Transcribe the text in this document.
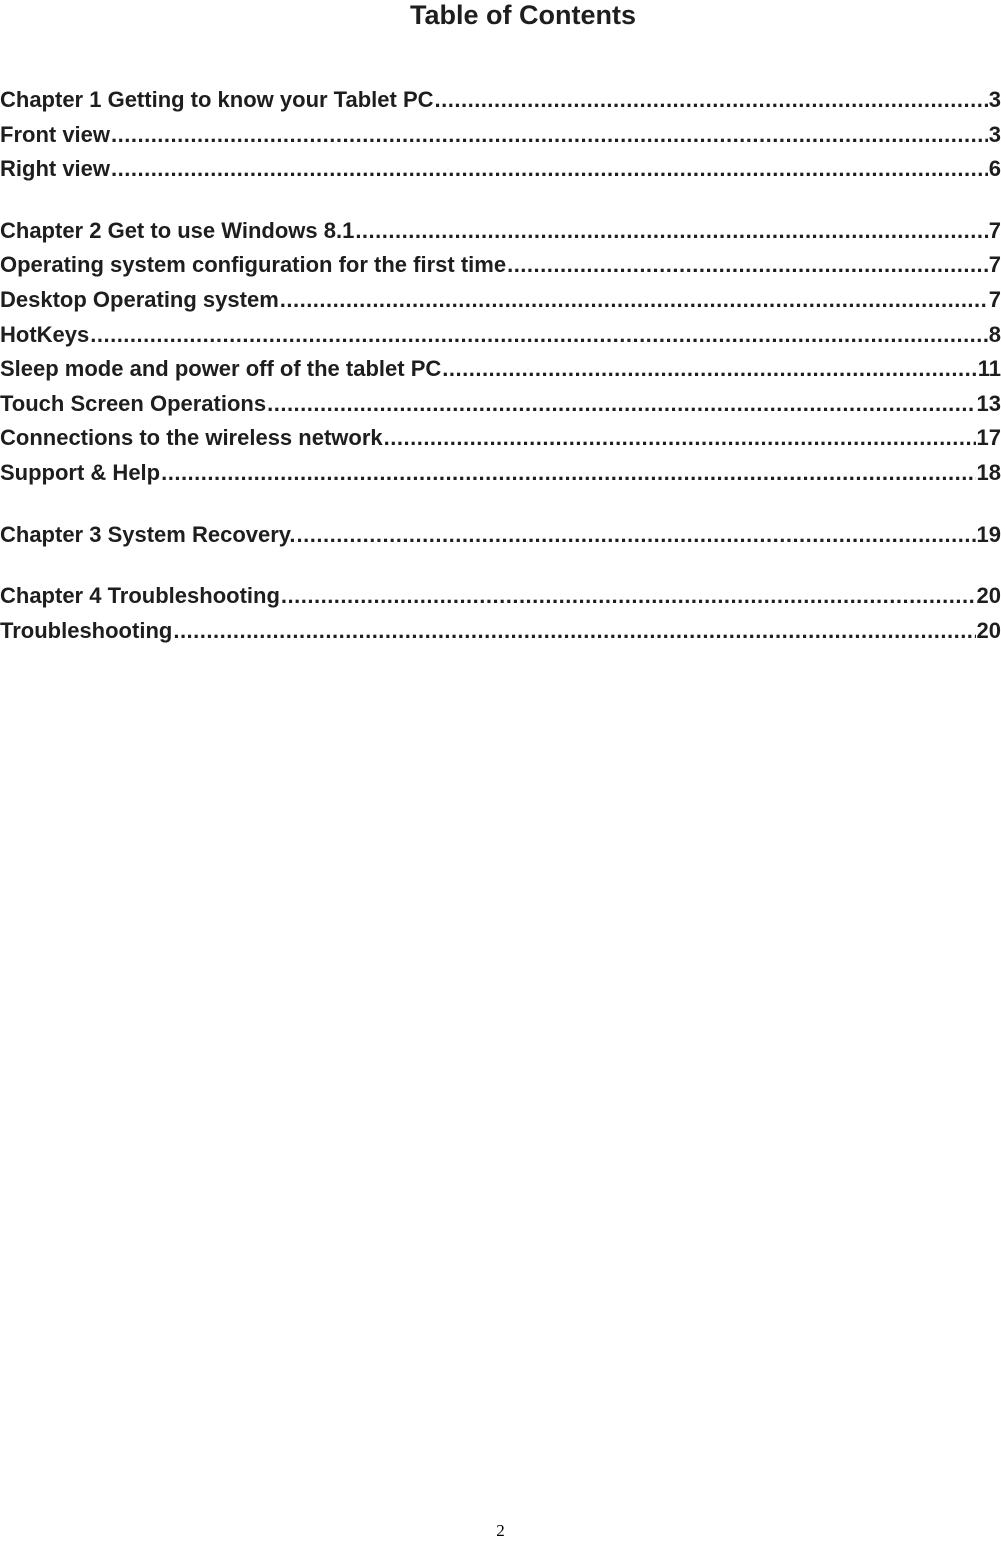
Table of Contents
Chapter 1 Getting to know your Tablet PC .....	3
Front view .....	3
Right view .....	6
Chapter 2 Get to use Windows 8.1 .....	7
Operating system configuration for the first time .....	7
Desktop Operating system .....	7
HotKeys .....	8
Sleep mode and power off of the tablet PC .....	11
Touch Screen Operations .....	13
Connections to the wireless network .....	17
Support & Help .....	18
Chapter 3 System Recovery. .....	19
Chapter 4 Troubleshooting .....	20
Troubleshooting .....	20
2
